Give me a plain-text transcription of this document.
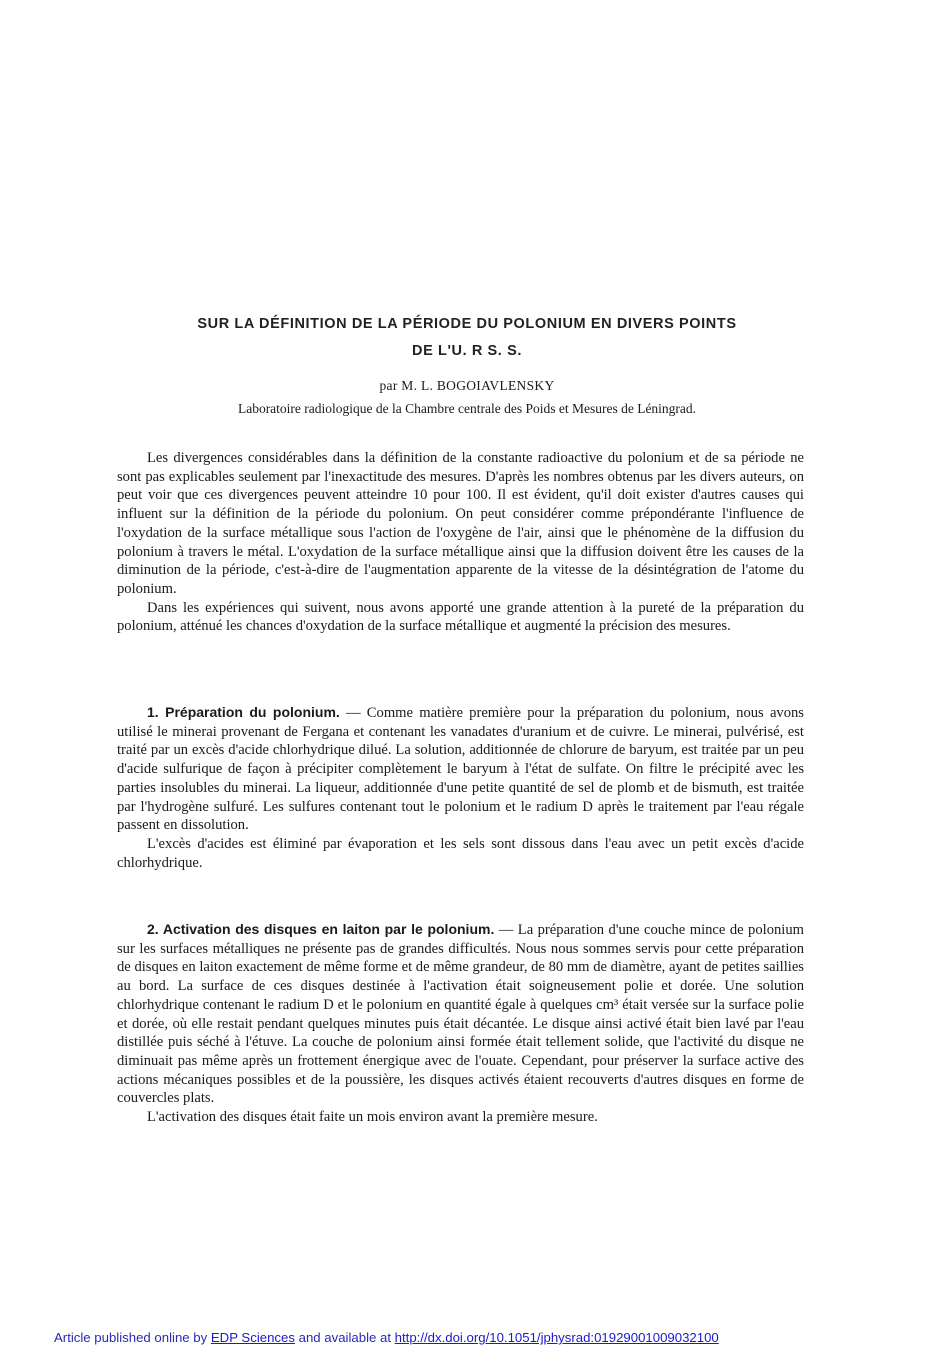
SUR LA DÉFINITION DE LA PÉRIODE DU POLONIUM EN DIVERS POINTS
DE L'U. R S. S.
par M. L. BOGOIAVLENSKY
Laboratoire radiologique de la Chambre centrale des Poids et Mesures de Léningrad.

Les divergences considérables dans la définition de la constante radioactive du polonium et de sa période ne sont pas explicables seulement par l'inexactitude des mesures. D'après les nombres obtenus par les divers auteurs, on peut voir que ces divergences peuvent atteindre 10 pour 100. Il est évident, qu'il doit exister d'autres causes qui influent sur la définition de la période du polonium. On peut considérer comme prépondérante l'influence de l'oxydation de la surface métallique sous l'action de l'oxygène de l'air, ainsi que le phénomène de la diffusion du polonium à travers le métal. L'oxydation de la surface métallique ainsi que la diffusion doivent être les causes de la diminution de la période, c'est-à-dire de l'augmentation apparente de la vitesse de la désintégration de l'atome du polonium.

Dans les expériences qui suivent, nous avons apporté une grande attention à la pureté de la préparation du polonium, atténué les chances d'oxydation de la surface métallique et augmenté la précision des mesures.

1. Préparation du polonium. — Comme matière première pour la préparation du polonium, nous avons utilisé le minerai provenant de Fergana et contenant les vanadates d'uranium et de cuivre. Le minerai, pulvérisé, est traité par un excès d'acide chlorhydrique dilué. La solution, additionnée de chlorure de baryum, est traitée par un peu d'acide sulfurique de façon à précipiter complètement le baryum à l'état de sulfate. On filtre le précipité avec les parties insolubles du minerai. La liqueur, additionnée d'une petite quantité de sel de plomb et de bismuth, est traitée par l'hydrogène sulfuré. Les sulfures contenant tout le polonium et le radium D après le traitement par l'eau régale passent en dissolution.

L'excès d'acides est éliminé par évaporation et les sels sont dissous dans l'eau avec un petit excès d'acide chlorhydrique.

2. Activation des disques en laiton par le polonium. — La préparation d'une couche mince de polonium sur les surfaces métalliques ne présente pas de grandes difficultés. Nous nous sommes servis pour cette préparation de disques en laiton exactement de même forme et de même grandeur, de 80 mm de diamètre, ayant de petites saillies au bord. La surface de ces disques destinée à l'activation était soigneusement polie et dorée. Une solution chlorhydrique contenant le radium D et le polonium en quantité égale à quelques cm³ était versée sur la surface polie et dorée, où elle restait pendant quelques minutes puis était décantée. Le disque ainsi activé était bien lavé par l'eau distillée puis séché à l'étuve. La couche de polonium ainsi formée était tellement solide, que l'activité du disque ne diminuait pas même après un frottement énergique avec de l'ouate. Cependant, pour préserver la surface active des actions mécaniques possibles et de la poussière, les disques activés étaient recouverts d'autres disques en forme de couvercles plats.

L'activation des disques était faite un mois environ avant la première mesure.

Article published online by EDP Sciences and available at http://dx.doi.org/10.1051/jphysrad:01929001009032100
